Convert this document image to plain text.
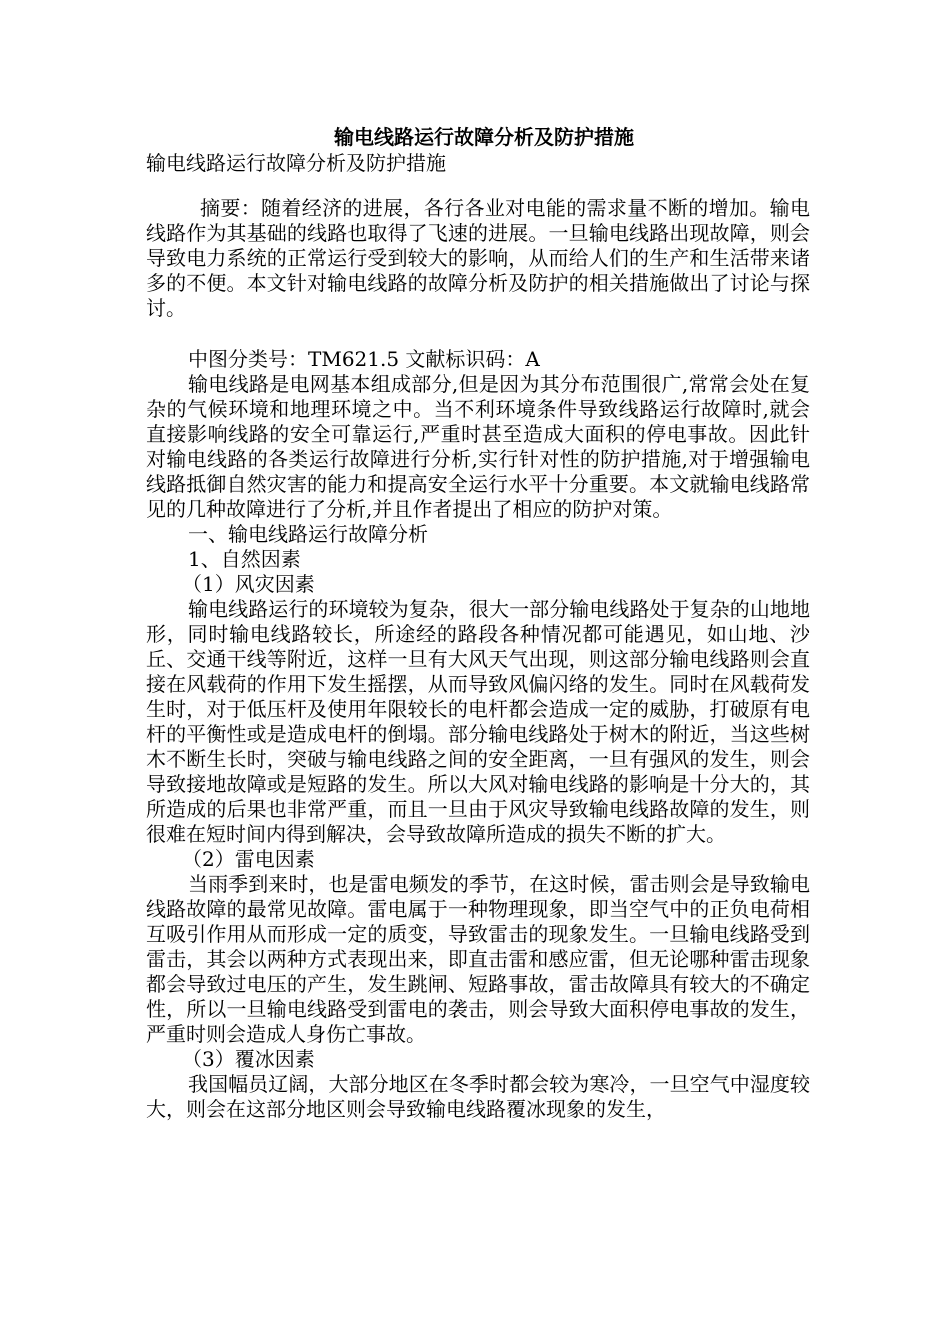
输电线路运行故障分析及防护措施

输电线路运行故障分析及防护措施

摘要：随着经济的进展，各行各业对电能的需求量不断的增加。输电线路作为其基础的线路也取得了飞速的进展。一旦输电线路出现故障，则会导致电力系统的正常运行受到较大的影响，从而给人们的生产和生活带来诸多的不便。本文针对输电线路的故障分析及防护的相关措施做出了讨论与探讨。

中图分类号：TM621.5 文献标识码：A

输电线路是电网基本组成部分,但是因为其分布范围很广,常常会处在复杂的气候环境和地理环境之中。当不利环境条件导致线路运行故障时,就会直接影响线路的安全可靠运行,严重时甚至造成大面积的停电事故。因此针对输电线路的各类运行故障进行分析,实行针对性的防护措施,对于增强输电线路抵御自然灾害的能力和提高安全运行水平十分重要。本文就输电线路常见的几种故障进行了分析,并且作者提出了相应的防护对策。

一、输电线路运行故障分析

1、自然因素

（1）风灾因素

输电线路运行的环境较为复杂，很大一部分输电线路处于复杂的山地地形，同时输电线路较长，所途经的路段各种情况都可能遇见，如山地、沙丘、交通干线等附近，这样一旦有大风天气出现，则这部分输电线路则会直接在风载荷的作用下发生摇摆，从而导致风偏闪络的发生。同时在风载荷发生时，对于低压杆及使用年限较长的电杆都会造成一定的威胁，打破原有电杆的平衡性或是造成电杆的倒塌。部分输电线路处于树木的附近，当这些树木不断生长时，突破与输电线路之间的安全距离，一旦有强风的发生，则会导致接地故障或是短路的发生。所以大风对输电线路的影响是十分大的，其所造成的后果也非常严重，而且一旦由于风灾导致输电线路故障的发生，则很难在短时间内得到解决，会导致故障所造成的损失不断的扩大。

（2）雷电因素

当雨季到来时，也是雷电频发的季节，在这时候，雷击则会是导致输电线路故障的最常见故障。雷电属于一种物理现象，即当空气中的正负电荷相互吸引作用从而形成一定的质变，导致雷击的现象发生。一旦输电线路受到雷击，其会以两种方式表现出来，即直击雷和感应雷，但无论哪种雷击现象都会导致过电压的产生，发生跳闸、短路事故，雷击故障具有较大的不确定性，所以一旦输电线路受到雷电的袭击，则会导致大面积停电事故的发生，严重时则会造成人身伤亡事故。

（3）覆冰因素

我国幅员辽阔，大部分地区在冬季时都会较为寒冷，一旦空气中湿度较大，则会在这部分地区则会导致输电线路覆冰现象的发生，
